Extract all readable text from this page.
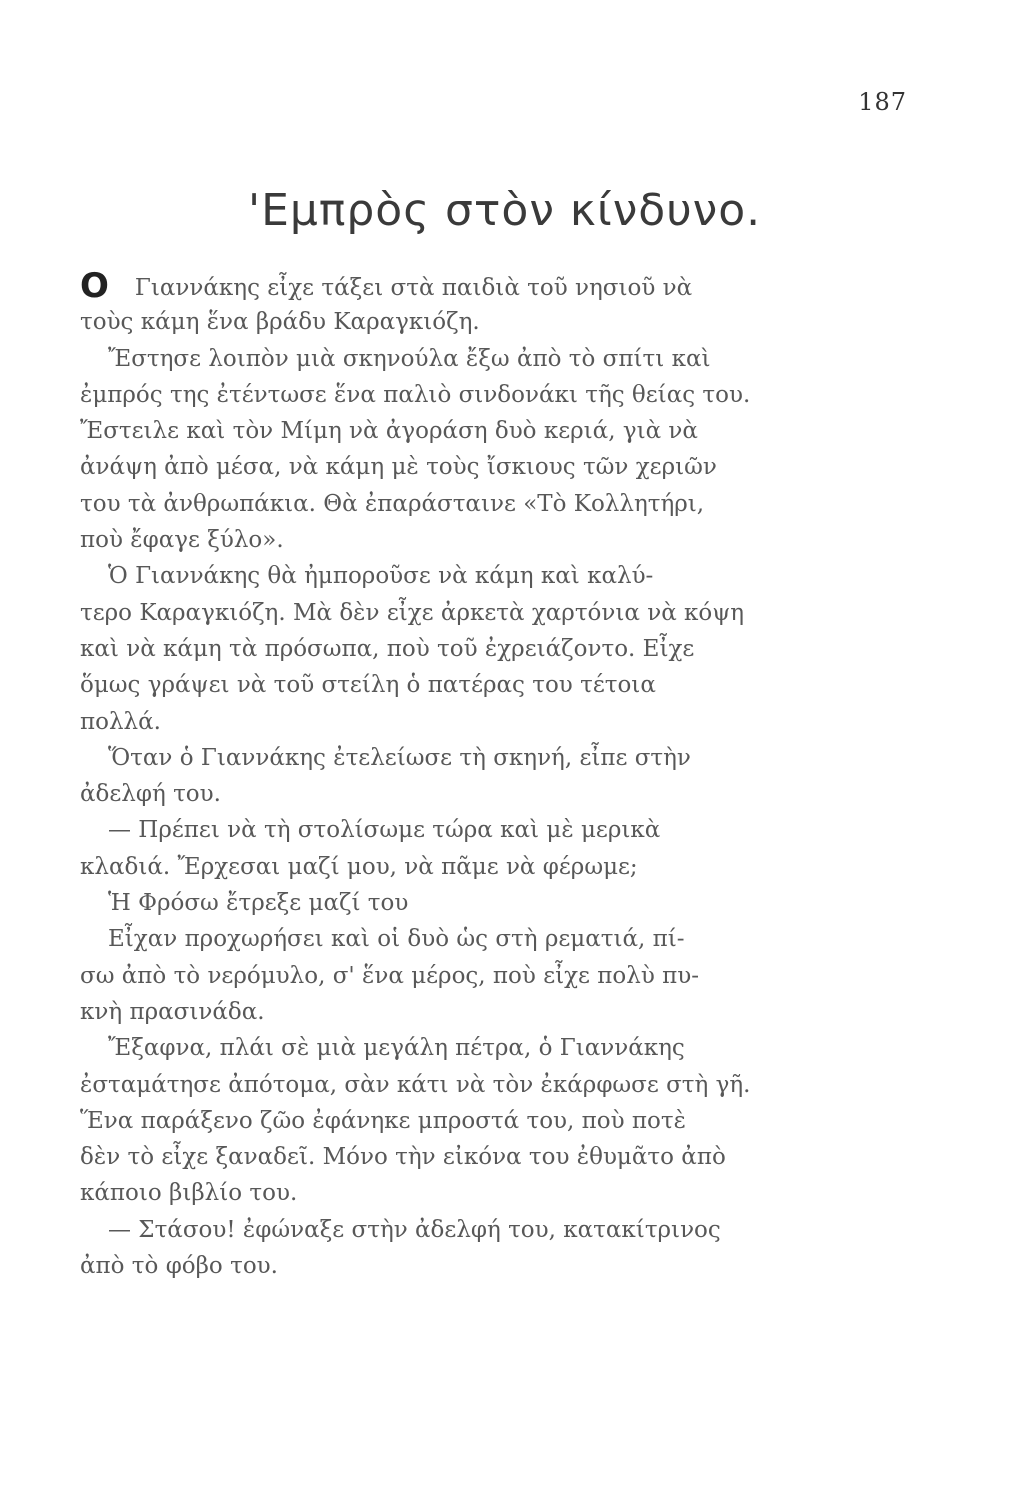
187
'Εμπρὸς στὸν κίνδυνο.
Ο Γιαννάκης εἶχε τάξει στὰ παιδιὰ τοῦ νησιοῦ νὰ
τοὺς κάμη ἕνα βράδυ Καραγκιόζη.
Ἔστησε λοιπὸν μιὰ σκηνούλα ἔξω ἀπὸ τὸ σπίτι καὶ
ἐμπρός της ἐτέντωσε ἕνα παλιὸ σινδονάκι τῆς θείας του.
Ἔστειλε καὶ τὸν Μίμη νὰ ἀγοράση δυὸ κεριά, γιὰ νὰ
ἀνάψη ἀπὸ μέσα, νὰ κάμη μὲ τοὺς ἴσκιους τῶν χεριῶν
του τὰ ἀνθρωπάκια. Θὰ ἐπαράσταινε «Τὸ Κολλητήρι,
ποὺ ἔφαγε ξύλο».
Ὁ Γιαννάκης θὰ ἠμποροῦσε νὰ κάμη καὶ καλύ-
τερο Καραγκιόζη. Μὰ δὲν εἶχε ἀρκετὰ χαρτόνια νὰ κόψη
καὶ νὰ κάμη τὰ πρόσωπα, ποὺ τοῦ ἐχρειάζοντο. Εἶχε
ὅμως γράψει νὰ τοῦ στείλη ὁ πατέρας του τέτοια
πολλά.
Ὅταν ὁ Γιαννάκης ἐτελείωσε τὴ σκηνή, εἶπε στὴν
ἀδελφή του.
— Πρέπει νὰ τὴ στολίσωμε τώρα καὶ μὲ μερικὰ
κλαδιά. Ἔρχεσαι μαζί μου, νὰ πᾶμε νὰ φέρωμε;
Ἡ Φρόσω ἔτρεξε μαζί του
Εἶχαν προχωρήσει καὶ οἱ δυὸ ὡς στὴ ρεματιά, πί-
σω ἀπὸ τὸ νερόμυλο, σ' ἕνα μέρος, ποὺ εἶχε πολὺ πυ-
κνὴ πρασινάδα.
Ἔξαφνα, πλάι σὲ μιὰ μεγάλη πέτρα, ὁ Γιαννάκης
ἐσταμάτησε ἀπότομα, σὰν κάτι νὰ τὸν ἐκάρφωσε στὴ γῆ.
Ἕνα παράξενο ζῶο ἐφάνηκε μπροστά του, ποὺ ποτὲ
δὲν τὸ εἶχε ξαναδεῖ. Μόνο τὴν εἰκόνα του ἐθυμᾶτο ἀπὸ
κάποιο βιβλίο του.
— Στάσου! ἐφώναξε στὴν ἀδελφή του, κατακίτρινος
ἀπὸ τὸ φόβο του.
